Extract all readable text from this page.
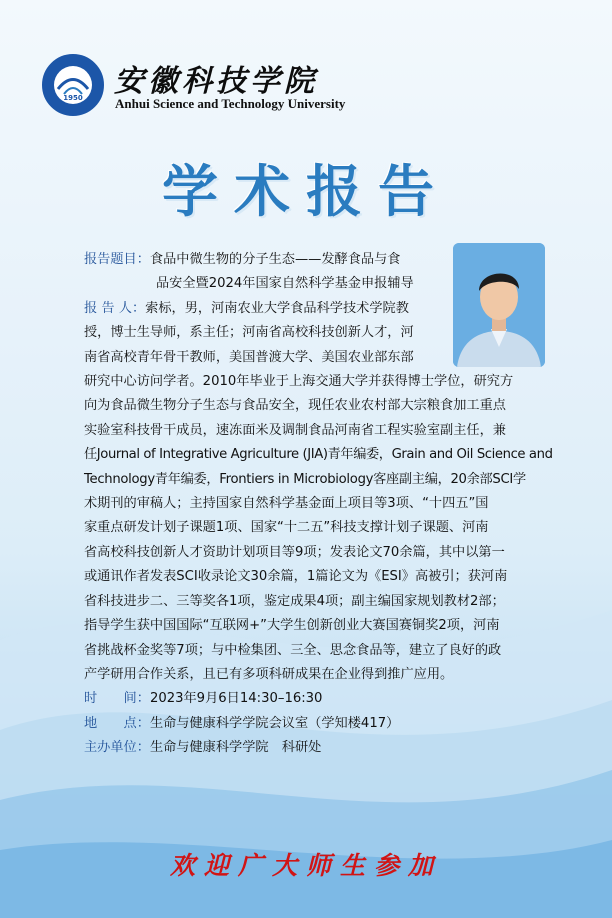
1950	安徽科技学院
Anhui Science and Technology University
学术报告
报告题目： 食品中微生物的分子生态——发酵食品与食
品安全暨2024年国家自然科学基金申报辅导
报 告 人： 索标，男，河南农业大学食品科学技术学院教
授，博士生导师，系主任；河南省高校科技创新人才，河
南省高校青年骨干教师，美国普渡大学、美国农业部东部
研究中心访问学者。2010年毕业于上海交通大学并获得博士学位，研究方
向为食品微生物分子生态与食品安全，现任农业农村部大宗粮食加工重点
实验室科技骨干成员，速冻面米及调制食品河南省工程实验室副主任，兼
任Journal of Integrative Agriculture (JIA)青年编委，Grain and Oil Science and
Technology青年编委，Frontiers in Microbiology客座副主编，20余部SCI学
术期刊的审稿人；主持国家自然科学基金面上项目等3项、“十四五”国
家重点研发计划子课题1项、国家“十二五”科技支撑计划子课题、河南
省高校科技创新人才资助计划项目等9项；发表论文70余篇，其中以第一
或通讯作者发表SCI收录论文30余篇，1篇论文为《ESI》高被引；获河南
省科技进步二、三等奖各1项，鉴定成果4项；副主编国家规划教材2部；
指导学生获中国国际“互联网+”大学生创新创业大赛国赛铜奖2项，河南
省挑战杯金奖等7项；与中检集团、三全、思念食品等，建立了良好的政
产学研用合作关系，且已有多项科研成果在企业得到推广应用。
时　　间： 2023年9月6日14:30–16:30
地　　点： 生命与健康科学学院会议室（学知楼417）
主办单位： 生命与健康科学学院　科研处
欢迎广大师生参加
